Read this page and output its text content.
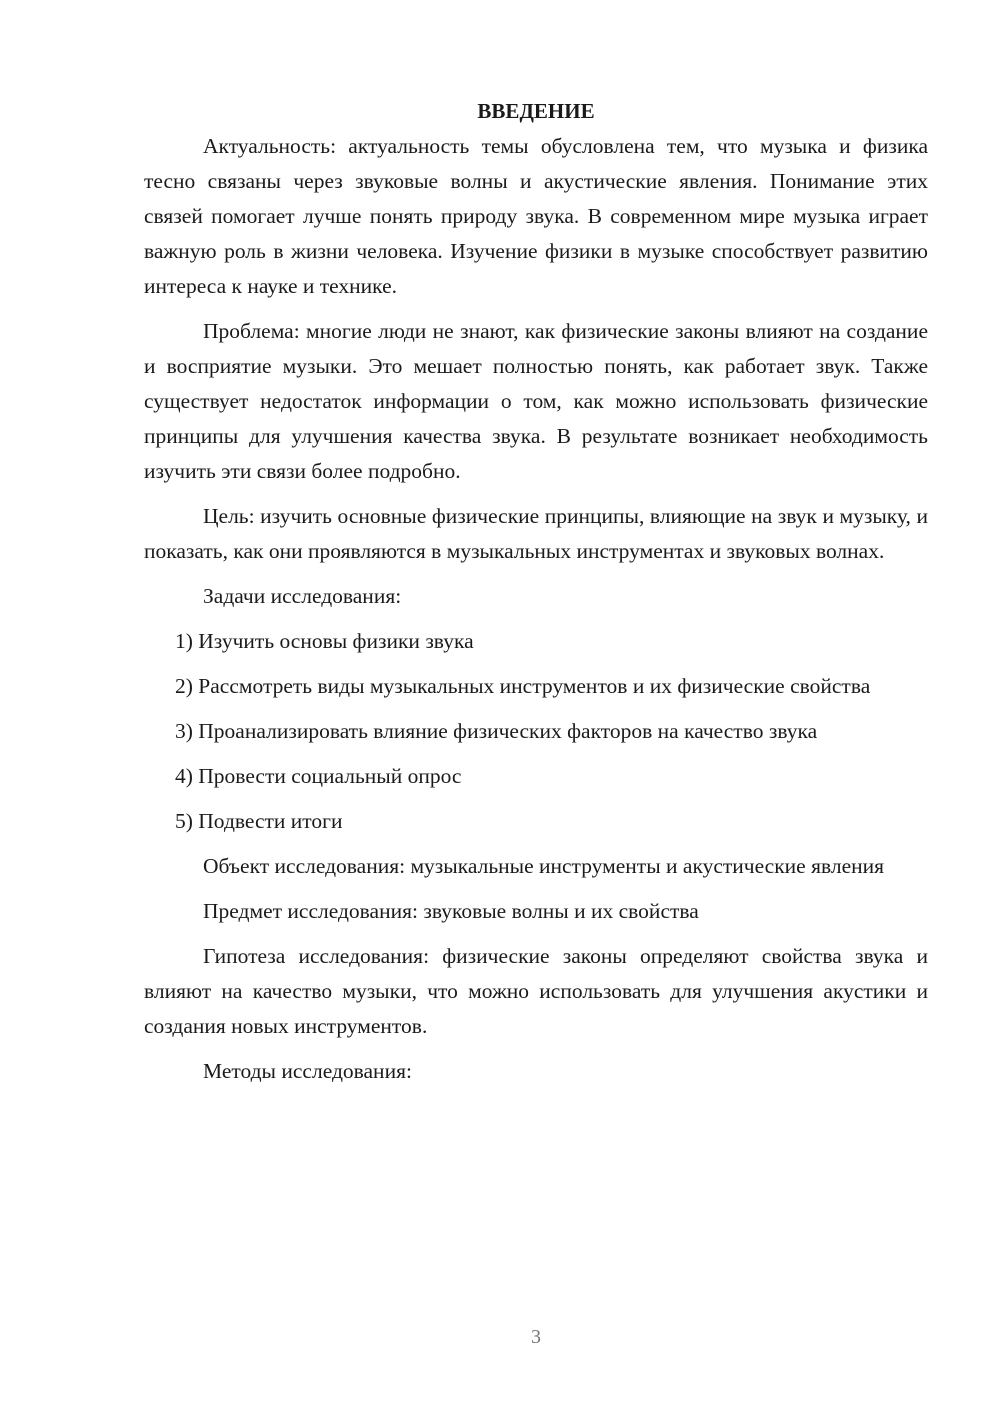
ВВЕДЕНИЕ

Актуальность: актуальность темы обусловлена тем, что музыка и физика тесно связаны через звуковые волны и акустические явления. Понимание этих связей помогает лучше понять природу звука. В современном мире музыка играет важную роль в жизни человека. Изучение физики в музыке способствует развитию интереса к науке и технике.

Проблема: многие люди не знают, как физические законы влияют на создание и восприятие музыки. Это мешает полностью понять, как работает звук. Также существует недостаток информации о том, как можно использовать физические принципы для улучшения качества звука. В результате возникает необходимость изучить эти связи более подробно.

Цель: изучить основные физические принципы, влияющие на звук и музыку, и показать, как они проявляются в музыкальных инструментах и звуковых волнах.

Задачи исследования:

1) Изучить основы физики звука

2) Рассмотреть виды музыкальных инструментов и их физические свойства

3) Проанализировать влияние физических факторов на качество звука

4) Провести социальный опрос

5) Подвести итоги

Объект исследования: музыкальные инструменты и акустические явления

Предмет исследования: звуковые волны и их свойства

Гипотеза исследования: физические законы определяют свойства звука и влияют на качество музыки, что можно использовать для улучшения акустики и создания новых инструментов.

Методы исследования:

3
